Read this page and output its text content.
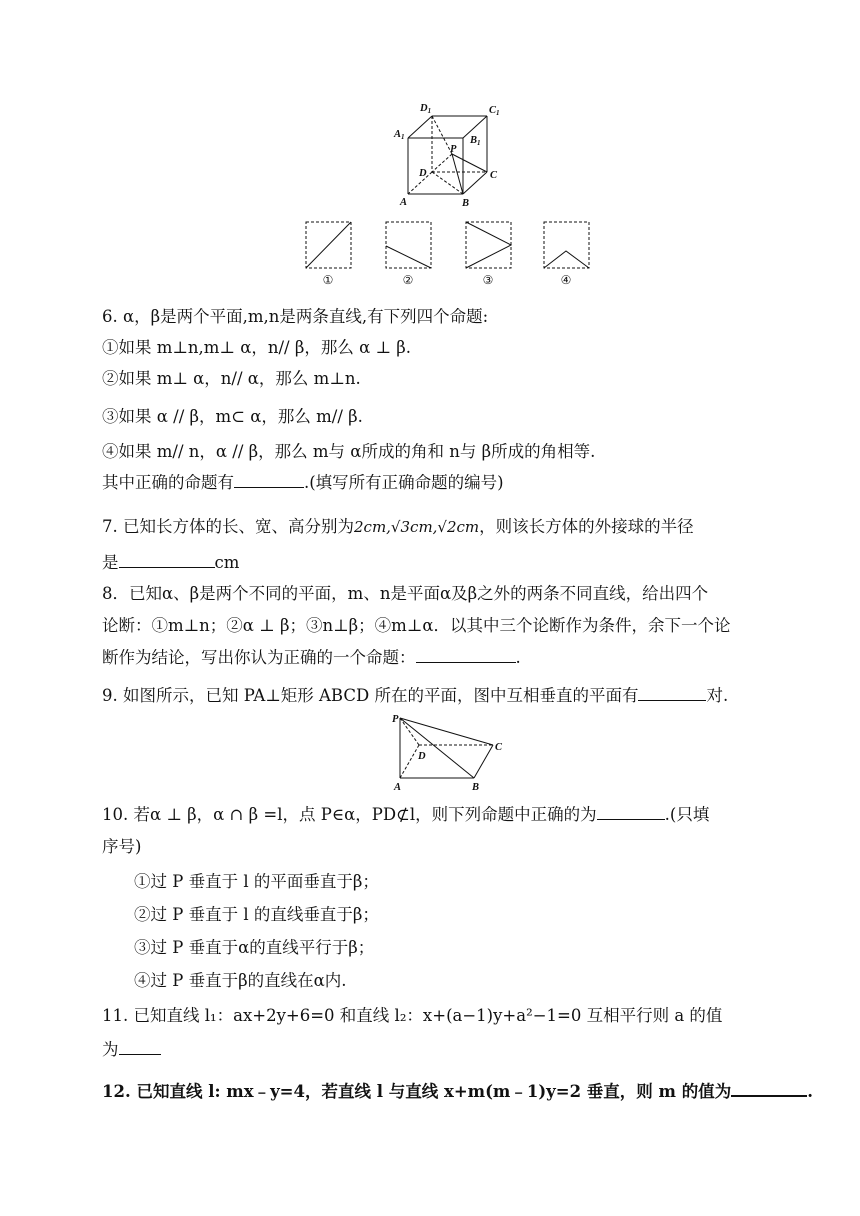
D1	C1
A1	B1
P
D	C
A	B
①	②	③	④
6. α，β是两个平面,m,n是两条直线,有下列四个命题:
①如果 m⊥n,m⊥ α，n// β，那么 α ⊥ β.
②如果 m⊥ α，n// α，那么 m⊥n.
③如果 α // β，m⊂ α，那么 m// β.
④如果 m// n，α // β，那么 m与 α所成的角和 n与 β所成的角相等.
其中正确的命题有	.(填写所有正确命题的编号)
7. 已知长方体的长、宽、高分别为2cm,√3cm,√2cm，则该长方体的外接球的半径
是	cm
8．已知α、β是两个不同的平面，m、n是平面α及β之外的两条不同直线，给出四个
论断：①m⊥n；②α ⊥ β；③n⊥β；④m⊥α．以其中三个论断作为条件，余下一个论
断作为结论，写出你认为正确的一个命题：	.
9. 如图所示，已知 PA⊥矩形 ABCD 所在的平面，图中互相垂直的平面有	对.
P
D
C
A	B
10. 若α ⊥ β，α ∩ β =l，点 P∈α，PD⊄l，则下列命题中正确的为	.(只填
序号)
①过 P 垂直于 l 的平面垂直于β；
②过 P 垂直于 l 的直线垂直于β；
③过 P 垂直于α的直线平行于β；
④过 P 垂直于β的直线在α内.
11. 已知直线 l₁：ax+2y+6=0 和直线 l₂：x+(a−1)y+a²−1=0 互相平行则 a 的值
为
12. 已知直线 l: mx﹣y=4，若直线 l 与直线 x+m(m﹣1)y=2 垂直，则 m 的值为	.
